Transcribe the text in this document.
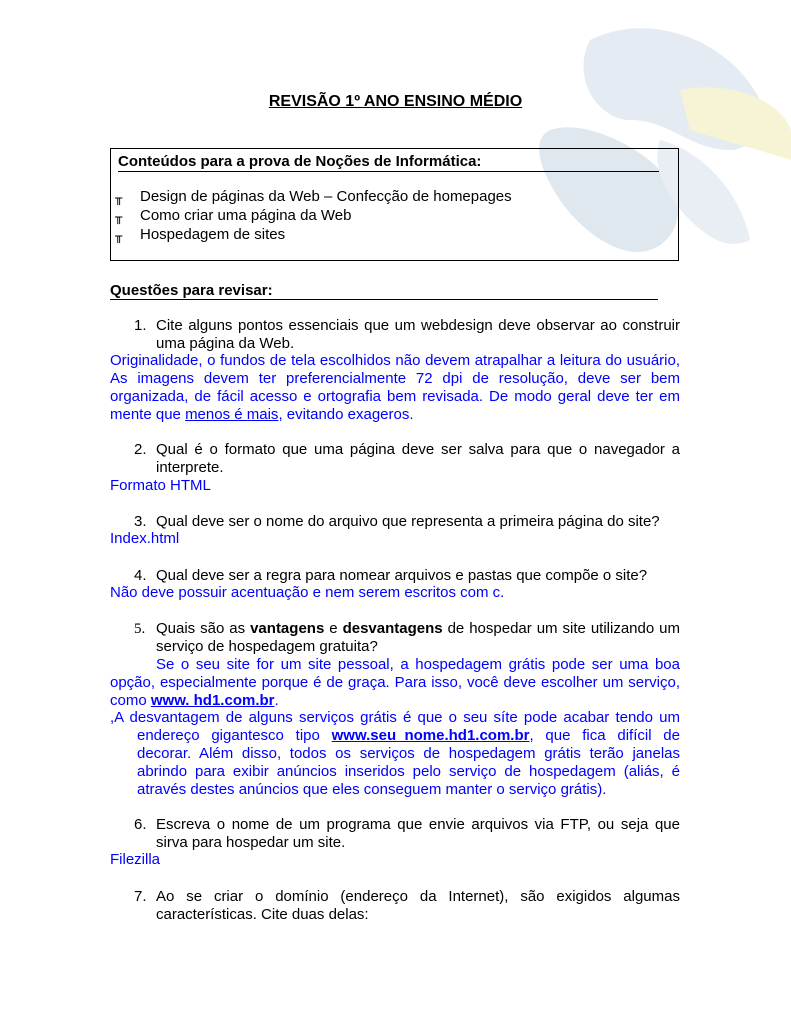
REVISÃO 1º ANO ENSINO MÉDIO
Conteúdos para a prova de Noções de Informática:
╥ Design de páginas da Web – Confecção de homepages
╥ Como criar uma página da Web
╥ Hospedagem de sites
Questões para revisar:
1. Cite alguns pontos essenciais que um webdesign deve observar ao construir uma página da Web.
Originalidade, o fundos de tela escolhidos não devem atrapalhar a leitura do usuário, As imagens devem ter preferencialmente 72 dpi de resolução, deve ser bem organizada, de fácil acesso e ortografia bem revisada. De modo geral deve ter em mente que menos é mais, evitando exageros.
2. Qual é o formato que uma página deve ser salva para que o navegador a interprete.
Formato HTML
3. Qual deve ser o nome do arquivo que representa a primeira página do site?
Index.html
4. Qual deve ser a regra para nomear arquivos e pastas que compõe o site?
Não deve possuir acentuação e nem serem escritos com c.
5. Quais são as vantagens e desvantagens de hospedar um site utilizando um serviço de hospedagem gratuita?
Se o seu site for um site pessoal, a hospedagem grátis pode ser uma boa opção, especialmente porque é de graça. Para isso, você deve escolher um serviço, como www. hd1.com.br.
,A desvantagem de alguns serviços grátis é que o seu síte pode acabar tendo um endereço gigantesco tipo www.seu_nome.hd1.com.br, que fica difícil de decorar. Além disso, todos os serviços de hospedagem grátis terão janelas abrindo para exibir anúncios inseridos pelo serviço de hospedagem (aliás, é através destes anúncios que eles conseguem manter o serviço grátis).
6. Escreva o nome de um programa que envie arquivos via FTP, ou seja que sirva para hospedar um site.
Filezilla
7. Ao se criar o domínio (endereço da Internet), são exigidos algumas características. Cite duas delas:
